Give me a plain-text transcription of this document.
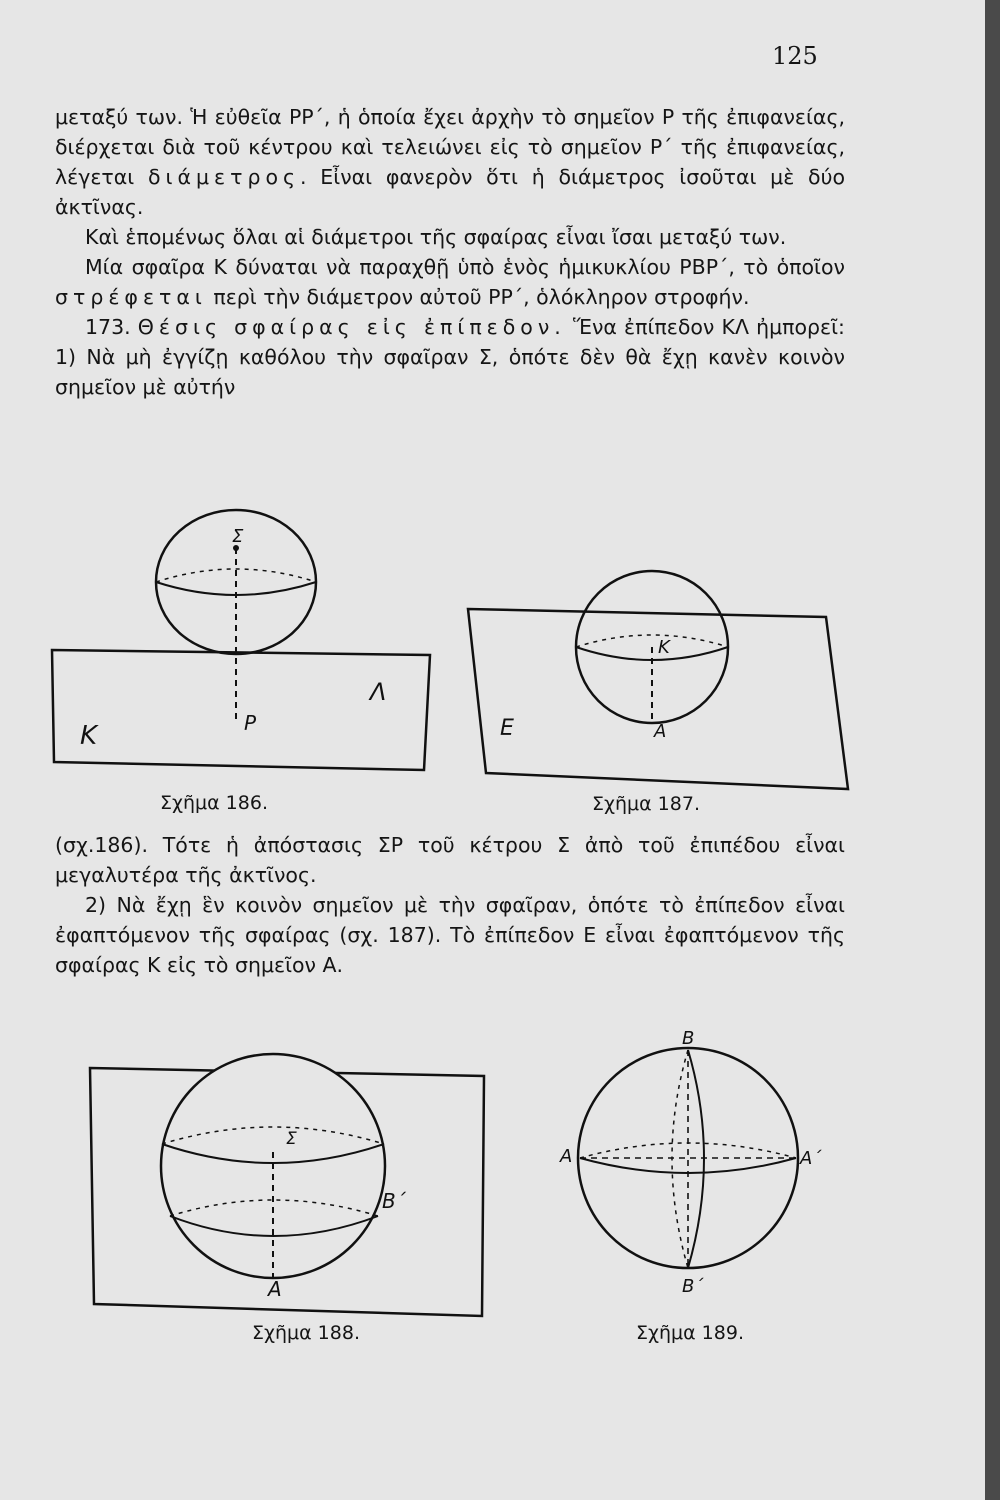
125

μεταξύ των. Ἡ εὐθεῖα ΡΡ΄, ἡ ὁποία ἔχει ἀρχὴν τὸ σημεῖον Ρ τῆς ἐπιφανείας, διέρχεται διὰ τοῦ κέντρου καὶ τελειώνει εἰς τὸ σημεῖον Ρ΄ τῆς ἐπιφανείας, λέγεται διάμετρος. Εἶναι φανερὸν ὅτι ἡ διάμετρος ἰσοῦται μὲ δύο ἀκτῖνας.

Καὶ ἑπομένως ὅλαι αἱ διάμετροι τῆς σφαίρας εἶναι ἴσαι μεταξύ των.

Μία σφαῖρα Κ δύναται νὰ παραχθῇ ὑπὸ ἑνὸς ἡμικυκλίου ΡΒΡ΄, τὸ ὁποῖον στρέφεται περὶ τὴν διάμετρον αὐτοῦ ΡΡ΄, ὁλόκληρον στροφήν.

173. Θέσις σφαίρας εἰς ἐπίπεδον. Ἕνα ἐπίπεδον ΚΛ ἠμπορεῖ: 1) Νὰ μὴ ἐγγίζῃ καθόλου τὴν σφαῖραν Σ, ὁπότε δὲν θὰ ἔχῃ κανὲν κοινὸν σημεῖον μὲ αὐτήν

Σ
Κ
Λ
Ρ
Σχῆμα 186.
Κ
Ε	Α
Σχῆμα 187.

(σχ.186). Τότε ἡ ἀπόστασις ΣΡ τοῦ κέτρου Σ ἀπὸ τοῦ ἐπιπέδου εἶναι μεγαλυτέρα τῆς ἀκτῖνος.

2) Νὰ ἔχῃ ἓν κοινὸν σημεῖον μὲ τὴν σφαῖραν, ὁπότε τὸ ἐπίπεδον εἶναι ἐφαπτόμενον τῆς σφαίρας (σχ. 187). Τὸ ἐπίπεδον Ε εἶναι ἐφαπτόμενον τῆς σφαίρας Κ εἰς τὸ σημεῖον Α.

Σ
Β΄
Α
Σχῆμα 188.
Β
Β΄
Α	Α΄
Σχῆμα 189.
